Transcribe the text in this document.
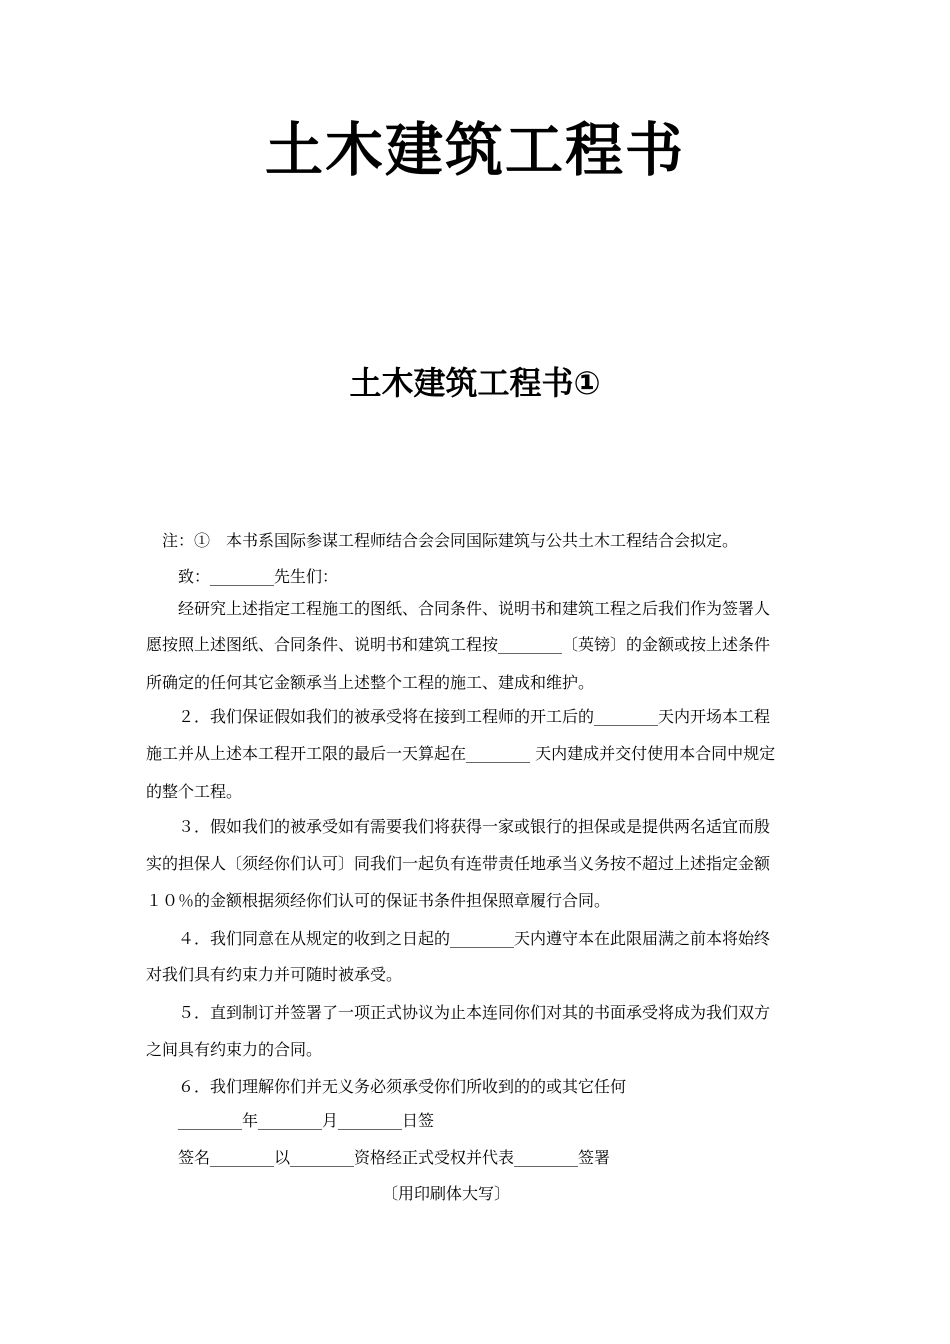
土木建筑工程书
土木建筑工程书①
注：①　本书系国际参谋工程师结合会会同国际建筑与公共土木工程结合会拟定。
致：________先生们：
经研究上述指定工程施工的图纸、合同条件、说明书和建筑工程之后我们作为签署人
愿按照上述图纸、合同条件、说明书和建筑工程按________〔英镑〕的金额或按上述条件
所确定的任何其它金额承当上述整个工程的施工、建成和维护。
２．我们保证假如我们的被承受将在接到工程师的开工后的________天内开场本工程
施工并从上述本工程开工限的最后一天算起在________ 天内建成并交付使用本合同中规定
的整个工程。
３．假如我们的被承受如有需要我们将获得一家或银行的担保或是提供两名适宜而殷
实的担保人〔须经你们认可〕同我们一起负有连带责任地承当义务按不超过上述指定金额
１０％的金额根据须经你们认可的保证书条件担保照章履行合同。
４．我们同意在从规定的收到之日起的________天内遵守本在此限届满之前本将始终
对我们具有约束力并可随时被承受。
５．直到制订并签署了一项正式协议为止本连同你们对其的书面承受将成为我们双方
之间具有约束力的合同。
６．我们理解你们并无义务必须承受你们所收到的的或其它任何
________年________月________日签
签名________以________资格经正式受权并代表________签署
〔用印刷体大写〕
